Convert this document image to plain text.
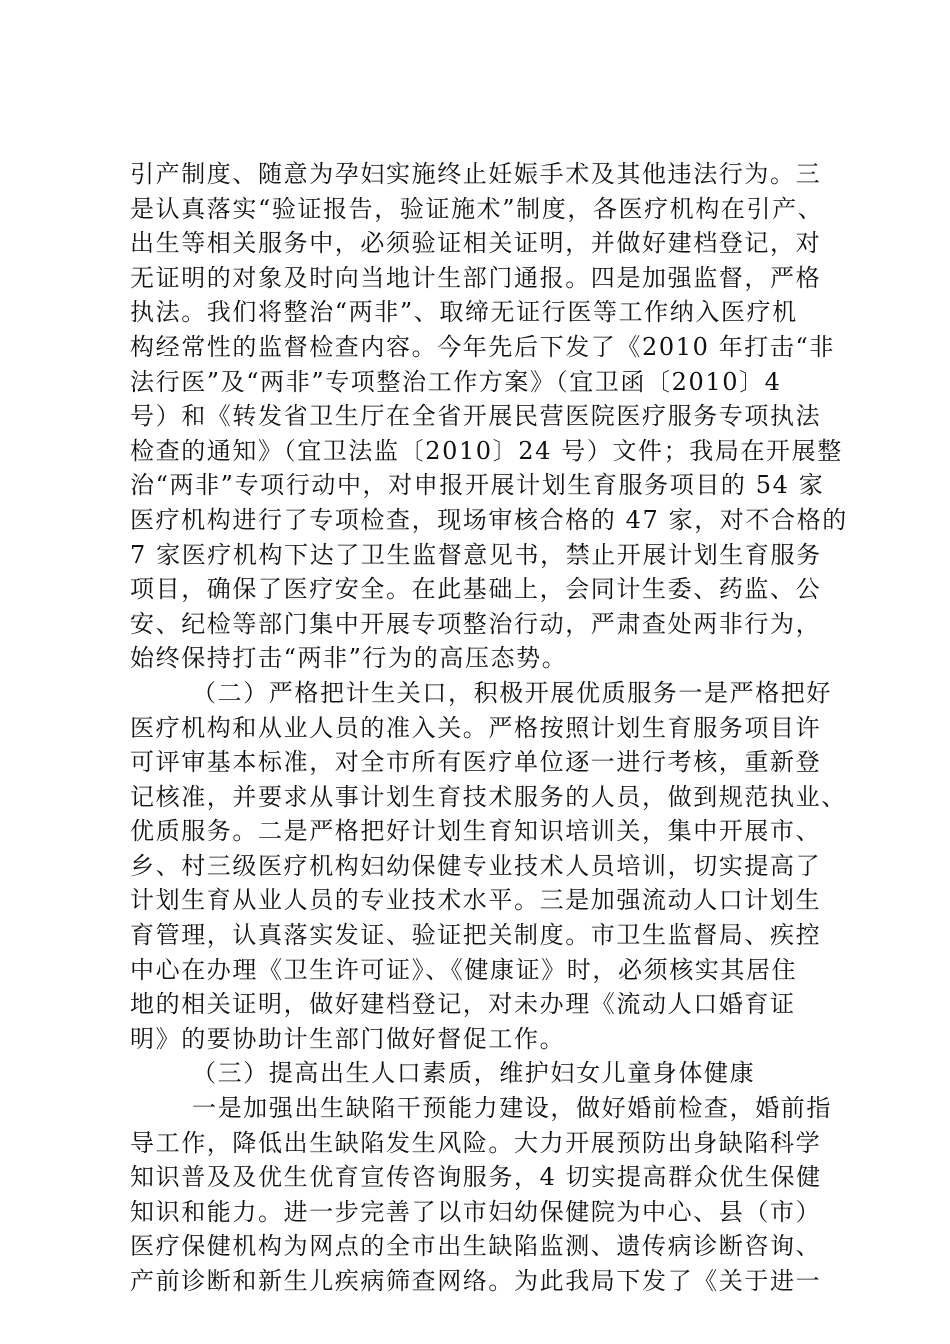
引产制度、随意为孕妇实施终止妊娠手术及其他违法行为。三
是认真落实“验证报告，验证施术”制度，各医疗机构在引产、
出生等相关服务中，必须验证相关证明，并做好建档登记，对
无证明的对象及时向当地计生部门通报。四是加强监督，严格
执法。我们将整治“两非”、取缔无证行医等工作纳入医疗机
构经常性的监督检查内容。今年先后下发了《2010 年打击“非
法行医”及“两非”专项整治工作方案》（宜卫函〔2010〕4
号）和《转发省卫生厅在全省开展民营医院医疗服务专项执法
检查的通知》（宜卫法监〔2010〕24 号）文件；我局在开展整
治“两非”专项行动中，对申报开展计划生育服务项目的 54 家
医疗机构进行了专项检查，现场审核合格的 47 家，对不合格的
7 家医疗机构下达了卫生监督意见书，禁止开展计划生育服务
项目，确保了医疗安全。在此基础上，会同计生委、药监、公
安、纪检等部门集中开展专项整治行动，严肃查处两非行为，
始终保持打击“两非”行为的高压态势。
（二）严格把计生关口，积极开展优质服务一是严格把好
医疗机构和从业人员的准入关。严格按照计划生育服务项目许
可评审基本标准，对全市所有医疗单位逐一进行考核，重新登
记核准，并要求从事计划生育技术服务的人员，做到规范执业、
优质服务。二是严格把好计划生育知识培训关，集中开展市、
乡、村三级医疗机构妇幼保健专业技术人员培训，切实提高了
计划生育从业人员的专业技术水平。三是加强流动人口计划生
育管理，认真落实发证、验证把关制度。市卫生监督局、疾控
中心在办理《卫生许可证》、《健康证》时，必须核实其居住
地的相关证明，做好建档登记，对未办理《流动人口婚育证
明》的要协助计生部门做好督促工作。
（三）提高出生人口素质，维护妇女儿童身体健康
一是加强出生缺陷干预能力建设，做好婚前检查，婚前指
导工作，降低出生缺陷发生风险。大力开展预防出身缺陷科学
知识普及及优生优育宣传咨询服务，4 切实提高群众优生保健
知识和能力。进一步完善了以市妇幼保健院为中心、县（市）
医疗保健机构为网点的全市出生缺陷监测、遗传病诊断咨询、
产前诊断和新生儿疾病筛查网络。为此我局下发了《关于进一
